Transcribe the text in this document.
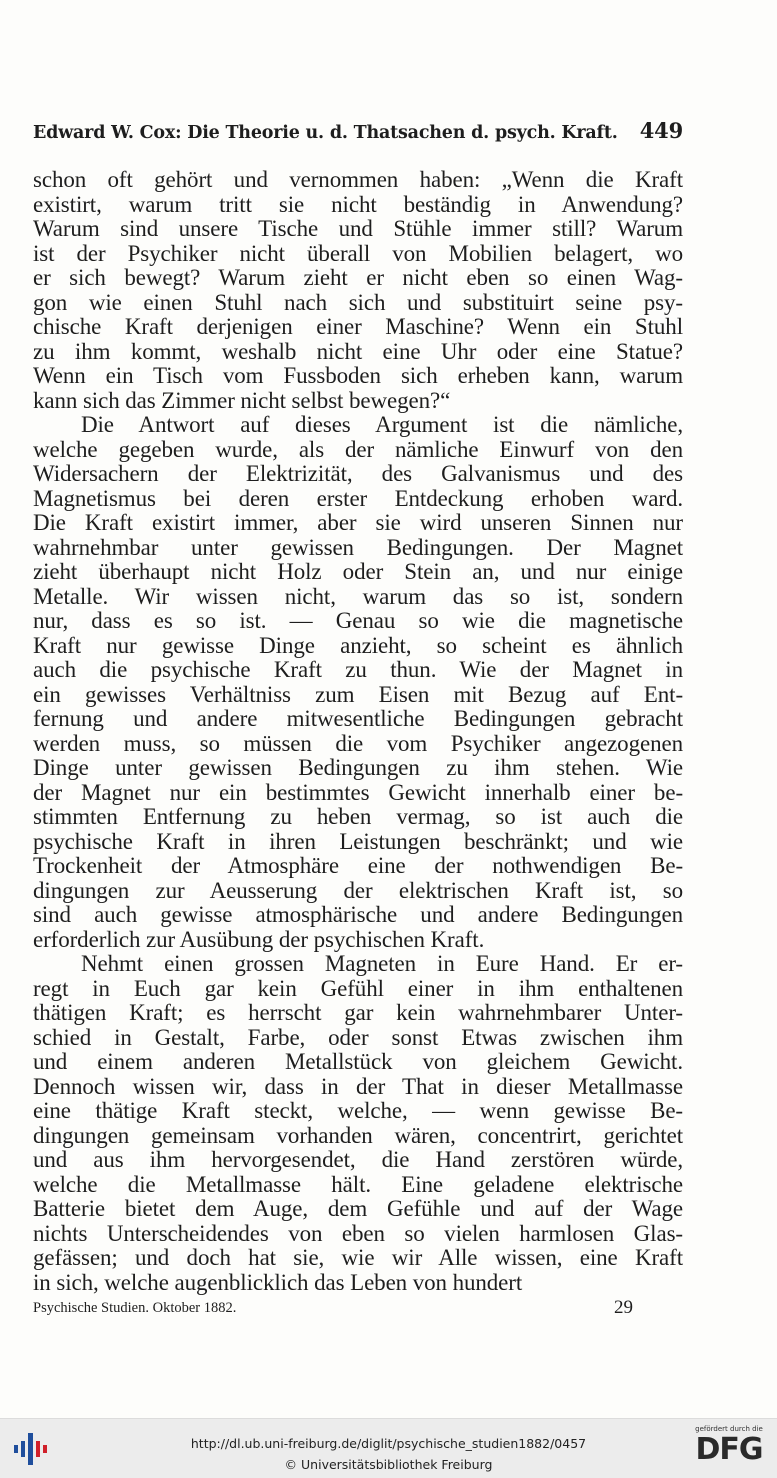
Edward W. Cox: Die Theorie u. d. Thatsachen d. psych. Kraft. 449
schon oft gehört und vernommen haben: „Wenn die Kraft
existirt, warum tritt sie nicht beständig in Anwendung?
Warum sind unsere Tische und Stühle immer still? Warum
ist der Psychiker nicht überall von Mobilien belagert, wo
er sich bewegt? Warum zieht er nicht eben so einen Wag-
gon wie einen Stuhl nach sich und substituirt seine psy-
chische Kraft derjenigen einer Maschine? Wenn ein Stuhl
zu ihm kommt, weshalb nicht eine Uhr oder eine Statue?
Wenn ein Tisch vom Fussboden sich erheben kann, warum
kann sich das Zimmer nicht selbst bewegen?“
Die Antwort auf dieses Argument ist die nämliche,
welche gegeben wurde, als der nämliche Einwurf von den
Widersachern der Elektrizität, des Galvanismus und des
Magnetismus bei deren erster Entdeckung erhoben ward.
Die Kraft existirt immer, aber sie wird unseren Sinnen nur
wahrnehmbar unter gewissen Bedingungen. Der Magnet
zieht überhaupt nicht Holz oder Stein an, und nur einige
Metalle. Wir wissen nicht, warum das so ist, sondern
nur, dass es so ist. — Genau so wie die magnetische
Kraft nur gewisse Dinge anzieht, so scheint es ähnlich
auch die psychische Kraft zu thun. Wie der Magnet in
ein gewisses Verhältniss zum Eisen mit Bezug auf Ent-
fernung und andere mitwesentliche Bedingungen gebracht
werden muss, so müssen die vom Psychiker angezogenen
Dinge unter gewissen Bedingungen zu ihm stehen. Wie
der Magnet nur ein bestimmtes Gewicht innerhalb einer be-
stimmten Entfernung zu heben vermag, so ist auch die
psychische Kraft in ihren Leistungen beschränkt; und wie
Trockenheit der Atmosphäre eine der nothwendigen Be-
dingungen zur Aeusserung der elektrischen Kraft ist, so
sind auch gewisse atmosphärische und andere Bedingungen
erforderlich zur Ausübung der psychischen Kraft.
Nehmt einen grossen Magneten in Eure Hand. Er er-
regt in Euch gar kein Gefühl einer in ihm enthaltenen
thätigen Kraft; es herrscht gar kein wahrnehmbarer Unter-
schied in Gestalt, Farbe, oder sonst Etwas zwischen ihm
und einem anderen Metallstück von gleichem Gewicht.
Dennoch wissen wir, dass in der That in dieser Metallmasse
eine thätige Kraft steckt, welche, — wenn gewisse Be-
dingungen gemeinsam vorhanden wären, concentrirt, gerichtet
und aus ihm hervorgesendet, die Hand zerstören würde,
welche die Metallmasse hält. Eine geladene elektrische
Batterie bietet dem Auge, dem Gefühle und auf der Wage
nichts Unterscheidendes von eben so vielen harmlosen Glas-
gefässen; und doch hat sie, wie wir Alle wissen, eine Kraft
in sich, welche augenblicklich das Leben von hundert
Psychische Studien. Oktober 1882.	29
http://dl.ub.uni-freiburg.de/diglit/psychische_studien1882/0457
© Universitätsbibliothek Freiburg
gefördert durch die
DFG
